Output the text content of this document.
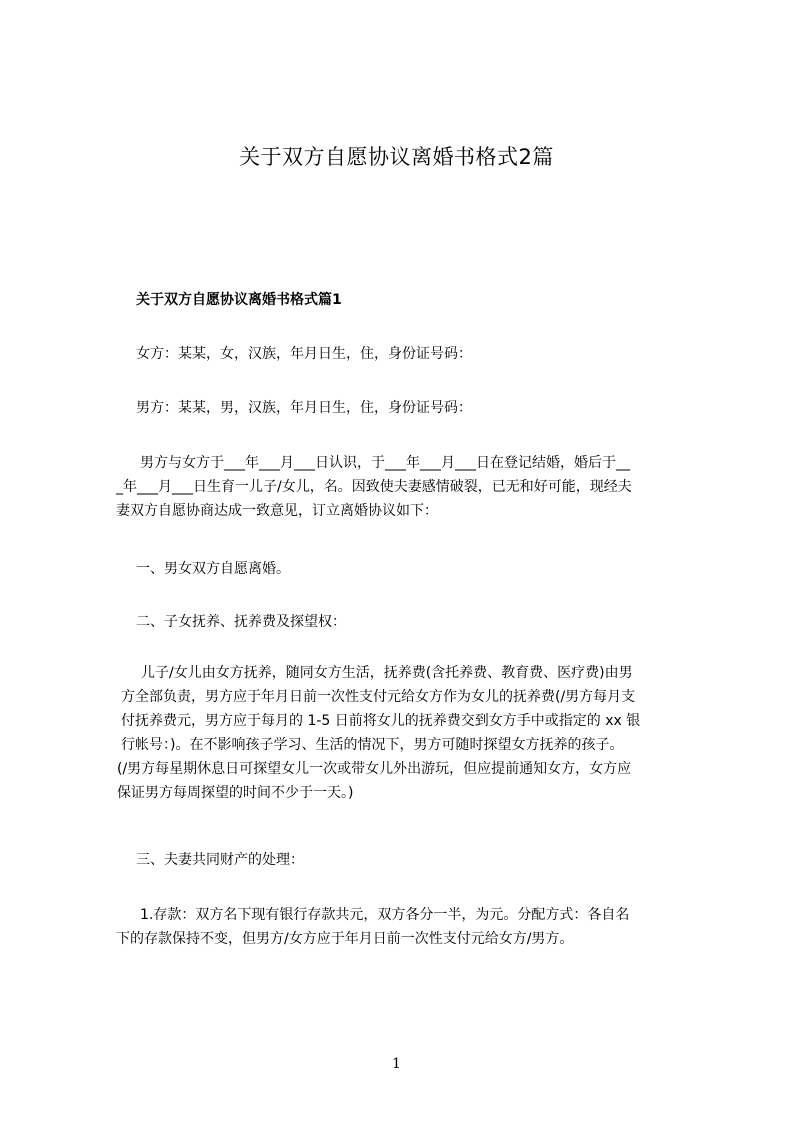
关于双方自愿协议离婚书格式2篇
关于双方自愿协议离婚书格式篇1
女方：某某，女，汉族，年月日生，住，身份证号码：
男方：某某，男，汉族，年月日生，住，身份证号码：
男方与女方于___年___月___日认识，于___年___月___日在登记结婚，婚后于__
_年___月___日生育一儿子/女儿，名。因致使夫妻感情破裂，已无和好可能，现经夫
妻双方自愿协商达成一致意见，订立离婚协议如下：
一、男女双方自愿离婚。
二、子女抚养、抚养费及探望权：
儿子/女儿由女方抚养，随同女方生活，抚养费(含托养费、教育费、医疗费)由男
方全部负责，男方应于年月日前一次性支付元给女方作为女儿的抚养费(/男方每月支
付抚养费元，男方应于每月的 1-5 日前将女儿的抚养费交到女方手中或指定的 xx 银
行帐号：)。在不影响孩子学习、生活的情况下，男方可随时探望女方抚养的孩子。
(/男方每星期休息日可探望女儿一次或带女儿外出游玩，但应提前通知女方，女方应
保证男方每周探望的时间不少于一天。)
三、夫妻共同财产的处理：
1.存款：双方名下现有银行存款共元，双方各分一半，为元。分配方式：各自名
下的存款保持不变，但男方/女方应于年月日前一次性支付元给女方/男方。
1
